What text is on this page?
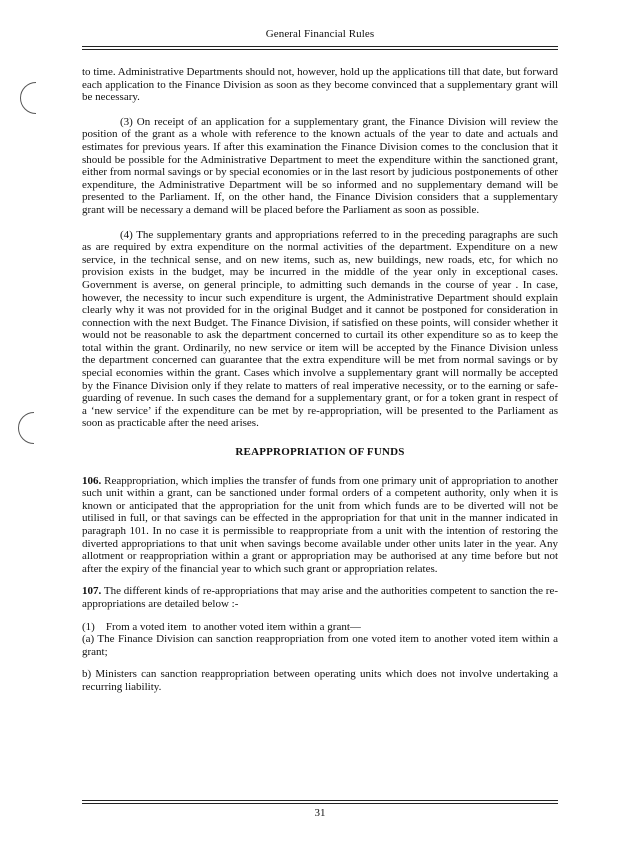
General Financial Rules

to time. Administrative Departments should not, however, hold up the applications till that date, but forward each application to the Finance Division as soon as they become convinced that a supplementary grant will be necessary.

(3) On receipt of an application for a supplementary grant, the Finance Division will review the position of the grant as a whole with reference to the known actuals of the year to date and actuals and estimates for previous years. If after this examination the Finance Division comes to the conclusion that it should be possible for the Administrative Department to meet the expenditure within the sanctioned grant, either from normal savings or by special economies or in the last resort by judicious postponements of other expenditure, the Administrative Department will be so informed and no supplementary demand will be presented to the Parliament. If, on the other hand, the Finance Division considers that a supplementary grant will be necessary a demand will be placed before the Parliament as soon as possible.

(4) The supplementary grants and appropriations referred to in the preceding paragraphs are such as are required by extra expenditure on the normal activities of the department. Expenditure on a new service, in the technical sense, and on new items, such as, new buildings, new roads, etc, for which no provision exists in the budget, may be incurred in the middle of the year only in exceptional cases. Government is averse, on general principle, to admitting such demands in the course of year . In case, however, the necessity to incur such expenditure is urgent, the Administrative Department should explain clearly why it was not provided for in the original Budget and it cannot be postponed for consideration in connection with the next Budget. The Finance Division, if satisfied on these points, will consider whether it would not be reasonable to ask the department concerned to curtail its other expenditure so as to keep the total within the grant. Ordinarily, no new service or item will be accepted by the Finance Division unless the department concerned can guarantee that the extra expenditure will be met from normal savings or by special economies within the grant. Cases which involve a supplementary grant will normally be accepted by the Finance Division only if they relate to matters of real imperative necessity, or to the earning or safe-guarding of revenue. In such cases the demand for a supplementary grant, or for a token grant in respect of a ‘new service’ if the expenditure can be met by re-appropriation, will be presented to the Parliament as soon as practicable after the need arises.

REAPPROPRIATION OF FUNDS

106. Reappropriation, which implies the transfer of funds from one primary unit of appropriation to another such unit within a grant, can be sanctioned under formal orders of a competent authority, only when it is known or anticipated that the appropriation for the unit from which funds are to be diverted will not be utilised in full, or that savings can be effected in the appropriation for that unit in the manner indicated in paragraph 101. In no case it is permissible to reappropriate from a unit with the intention of restoring the diverted appropriations to that unit when savings become available under other units later in the year. Any allotment or reappropriation within a grant or appropriation may be authorised at any time before but not after the expiry of the financial year to which such grant or appropriation relates.

107. The different kinds of re-appropriations that may arise and the authorities competent to sanction the re-appropriations are detailed below :-

(1)    From a voted item  to another voted item within a grant—

(a) The Finance Division can sanction reappropriation from one voted item to another voted item within a grant;

b) Ministers can sanction reappropriation between operating units which does not involve undertaking a recurring liability.

31
